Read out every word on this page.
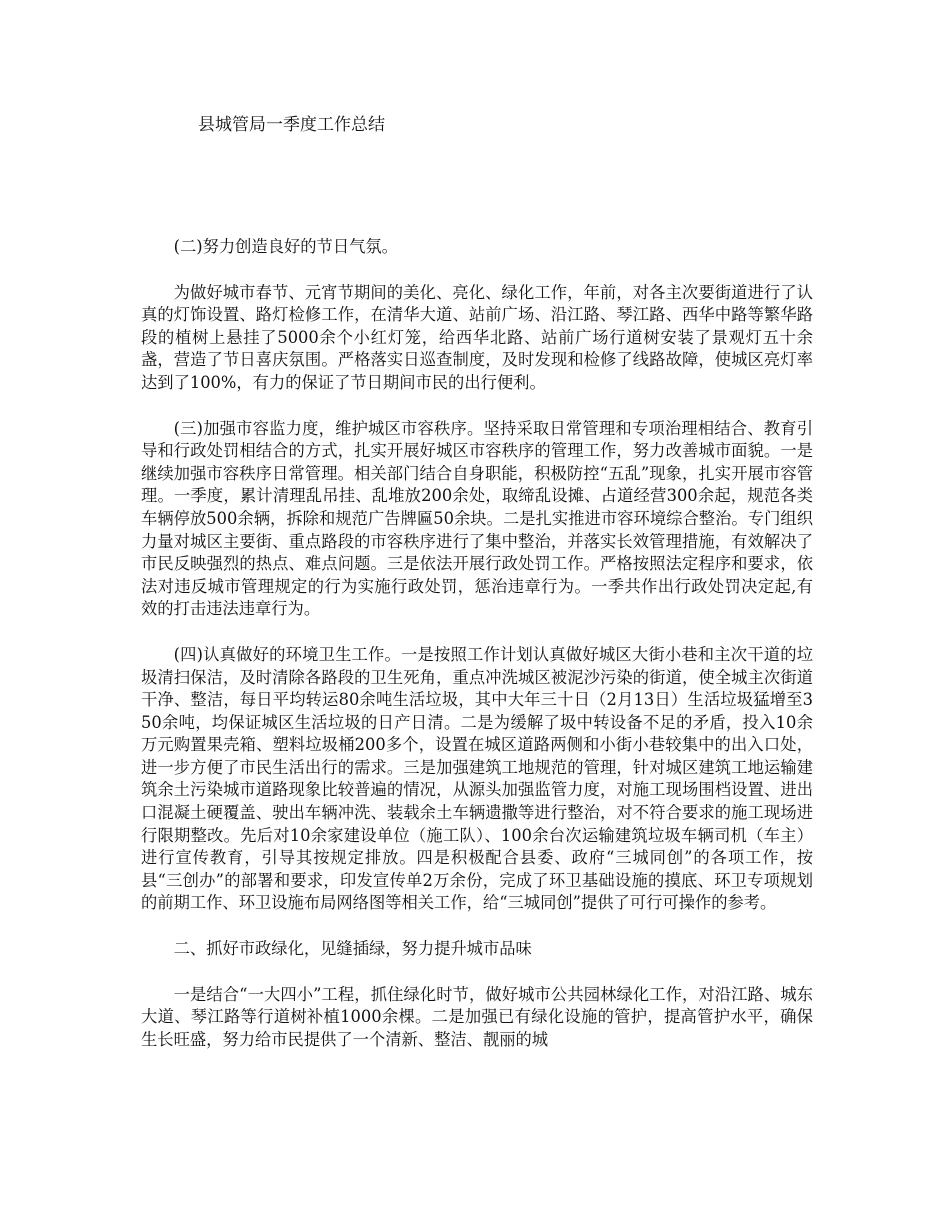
县城管局一季度工作总结

(二)努力创造良好的节日气氛。

为做好城市春节、元宵节期间的美化、亮化、绿化工作，年前，对各主次要街道进行了认真的灯饰设置、路灯检修工作，在清华大道、站前广场、沿江路、琴江路、西华中路等繁华路段的植树上悬挂了5000余个小红灯笼，给西华北路、站前广场行道树安装了景观灯五十余盏，营造了节日喜庆氛围。严格落实日巡查制度，及时发现和检修了线路故障，使城区亮灯率达到了100%，有力的保证了节日期间市民的出行便利。

(三)加强市容监力度，维护城区市容秩序。坚持采取日常管理和专项治理相结合、教育引导和行政处罚相结合的方式，扎实开展好城区市容秩序的管理工作，努力改善城市面貌。一是继续加强市容秩序日常管理。相关部门结合自身职能，积极防控“五乱”现象，扎实开展市容管理。一季度，累计清理乱吊挂、乱堆放200余处，取缔乱设摊、占道经营300余起，规范各类车辆停放500余辆，拆除和规范广告牌匾50余块。二是扎实推进市容环境综合整治。专门组织力量对城区主要街、重点路段的市容秩序进行了集中整治，并落实长效管理措施，有效解决了市民反映强烈的热点、难点问题。三是依法开展行政处罚工作。严格按照法定程序和要求，依法对违反城市管理规定的行为实施行政处罚，惩治违章行为。一季共作出行政处罚决定起,有效的打击违法违章行为。

(四)认真做好的环境卫生工作。一是按照工作计划认真做好城区大街小巷和主次干道的垃圾清扫保洁，及时清除各路段的卫生死角，重点冲洗城区被泥沙污染的街道，使全城主次街道干净、整洁，每日平均转运80余吨生活垃圾，其中大年三十日（2月13日）生活垃圾猛增至350余吨，均保证城区生活垃圾的日产日清。二是为缓解了圾中转设备不足的矛盾，投入10余万元购置果壳箱、塑料垃圾桶200多个，设置在城区道路两侧和小街小巷较集中的出入口处，进一步方便了市民生活出行的需求。三是加强建筑工地规范的管理，针对城区建筑工地运输建筑余土污染城市道路现象比较普遍的情况，从源头加强监管力度，对施工现场围档设置、进出口混凝土硬覆盖、驶出车辆冲洗、装载余土车辆遗撒等进行整治，对不符合要求的施工现场进行限期整改。先后对10余家建设单位（施工队）、100余台次运输建筑垃圾车辆司机（车主）进行宣传教育，引导其按规定排放。四是积极配合县委、政府“三城同创”的各项工作，按县“三创办”的部署和要求，印发宣传单2万余份，完成了环卫基础设施的摸底、环卫专项规划的前期工作、环卫设施布局网络图等相关工作，给“三城同创”提供了可行可操作的参考。

二、抓好市政绿化，见缝插绿，努力提升城市品味

一是结合“一大四小”工程，抓住绿化时节，做好城市公共园林绿化工作，对沿江路、城东大道、琴江路等行道树补植1000余棵。二是加强已有绿化设施的管护，提高管护水平，确保生长旺盛，努力给市民提供了一个清新、整洁、靓丽的城
